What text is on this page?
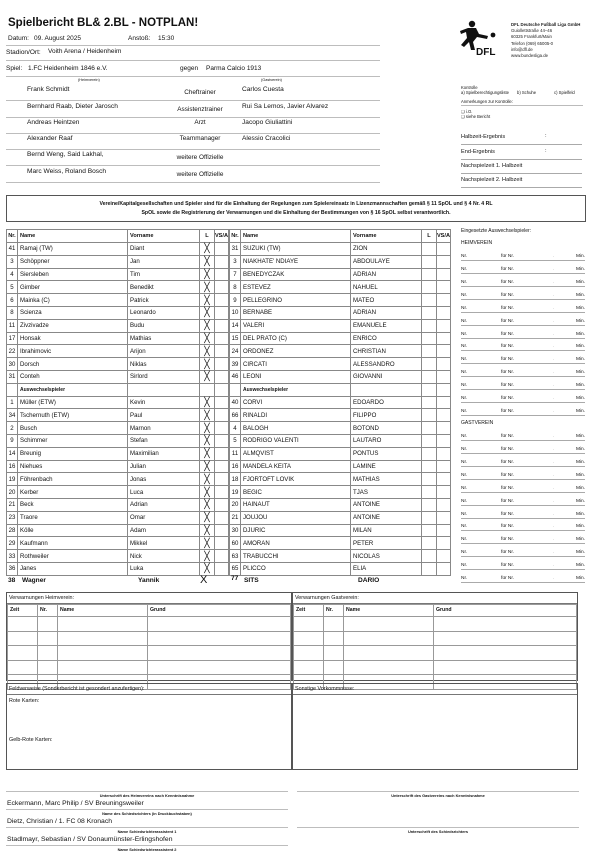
Spielbericht BL& 2.BL - NOTPLAN!
Datum: 09. August 2025	Anstoß: 15:30
Stadion/Ort: Voith Arena / Heidenheim
Spiel: 1.FC Heidenheim 1846 e.V.	gegen Parma Calcio 1913
(Heimverein)	(Gastverein)
DFL
DFL Deutsche Fußball Liga GmbH
Guiollettstraße 44–46
60325 Frankfurt/Main
Telefon (069) 65005-0
info@dfl.de
www.bundesliga.de
Frank Schmidt	Cheftrainer	Carlos Cuesta
Bernhard Raab, Dieter Jarosch	Assistenztrainer	Rui Sa Lemos, Javier Alvarez
Andreas Heintzen	Arzt	Jacopo Giuliattini
Alexander Raaf	Teammanager	Alessio Cracolici
Bernd Weng, Said Lakhal,	weitere Offizielle
Marc Weiss, Roland Bosch	weitere Offizielle
Kontrolle
a) Spielberechtigungsliste b) Schuhe	c) Spielfeld
Anmerkungen zur Kontrolle:
❑ i.O.
❑ siehe Bericht
Halbzeit-Ergebnis	:
End-Ergebnis	:
Nachspielzeit 1. Halbzeit
Nachspielzeit 2. Halbzeit
Vereine/Kapitalgesellschaften und Spieler sind für die Einhaltung der Regelungen zum Spielereinsatz in Lizenzmannschaften gemäß § 11 SpOL und § 4 Nr. 4 RL
SpOL sowie die Registrierung der Verwarnungen und die Einhaltung der Bestimmungen von § 16 SpOL selbst verantwortlich.
Nr.	Name	Vorname	L	VS/A
41	Ramaj (TW)	Diant	╳	
3	Schöppner	Jan	╳	
4	Siersleben	Tim	╳	
5	Gimber	Benedikt	╳	
6	Mainka (C)	Patrick	╳	
8	Scienza	Leonardo	╳	
11	Zivzivadze	Budu	╳	
17	Honsak	Mathias	╳	
22	Ibrahimovic	Arijon	╳	
30	Dorsch	Niklas	╳	
31	Conteh	Sirlord	╳	
	Auswechselspieler			
1	Müller (ETW)	Kevin	╳	
34	Tschernuth (ETW)	Paul	╳	
2	Busch	Marnon	╳	
9	Schimmer	Stefan	╳	
14	Breunig	Maximilian	╳	
16	Niehues	Julian	╳	
19	Föhrenbach	Jonas	╳	
20	Kerber	Luca	╳	
21	Beck	Adrian	╳	
23	Traore	Omar	╳	
28	Kölle	Adam	╳	
29	Kaufmann	Mikkel	╳	
33	Rothweiler	Nick	╳	
36	Janes	Luka	╳	
Nr.	Name	Vorname	L	VS/A
31	SUZUKI (TW)	ZION		
3	NIAKHATE' NDIAYE	ABDOULAYE		
7	BENEDYCZAK	ADRIAN		
8	ESTEVEZ	NAHUEL		
9	PELLEGRINO	MATEO		
10	BERNABE	ADRIAN		
14	VALERI	EMANUELE		
15	DEL PRATO (C)	ENRICO		
24	ORDONEZ	CHRISTIAN		
39	CIRCATI	ALESSANDRO		
46	LEONI	GIOVANNI		
	Auswechselspieler			
40	CORVI	EDOARDO		
66	RINALDI	FILIPPO		
4	BALOGH	BOTOND		
5	RODRIGO VALENTI	LAUTARO		
11	ALMQVIST	PONTUS		
16	MANDELA KEITA	LAMINE		
18	FJORTOFT LOVIK	MATHIAS		
19	BEGIC	TJAS		
20	HAINAUT	ANTOINE		
21	JOUJOU	ANTOINE		
30	DJURIC	MILAN		
60	AMORAN	PETER		
63	TRABUCCHI	NICOLAS		
65	PLICCO	ELIA		
38 Wagner	Yannik	X	77 SITS	DARIO
Eingesetzte Auswechselspieler:
HEIMVEREIN
Nr.	für Nr.	.	Min.
Nr.	für Nr.	.	Min.
Nr.	für Nr.	.	Min.
Nr.	für Nr.	.	Min.
Nr.	für Nr.	.	Min.
Nr.	für Nr.	.	Min.
Nr.	für Nr.	.	Min.
Nr.	für Nr.	.	Min.
Nr.	für Nr.	.	Min.
Nr.	für Nr.	.	Min.
Nr.	für Nr.	.	Min.
Nr.	für Nr.	.	Min.
Nr.	für Nr.	.	Min.
GASTVEREIN
Nr.	für Nr.	.	Min.
Nr.	für Nr.	.	Min.
Nr.	für Nr.	.	Min.
Nr.	für Nr.	.	Min.
Nr.	für Nr.	.	Min.
Nr.	für Nr.	.	Min.
Nr.	für Nr.	.	Min.
Nr.	für Nr.	.	Min.
Nr.	für Nr.	.	Min.
Nr.	für Nr.	.	Min.
Nr.	für Nr.	.	Min.
Nr.	für Nr.	.	Min.
Verwarnungen Heimverein:
Zeit	Nr.	Name	Grund

Verwarnungen Gastverein:
Zeit	Nr.	Name	Grund

Feldverweise (Sonderbericht ist gesondert anzufertigen):
Rote Karten:
Gelb-Rote Karten:
Sonstige Vorkommnisse:
Unterschrift des Heimvereins nach Kenntnisnahme
Eckermann, Marc Philip / SV Breuningsweiler
Name des Schiedsrichters (in Druckbuchstaben)
Dietz, Christian / 1. FC 08 Kronach
Name Schiedsrichterassistent 1
Stadlmayr, Sebastian / SV Donaumünster-Erlingshofen
Name Schiedsrichterassistent 2
Unterschrift des Gastvereins nach Kenntnisnahme
Unterschrift des Schiedsrichters
